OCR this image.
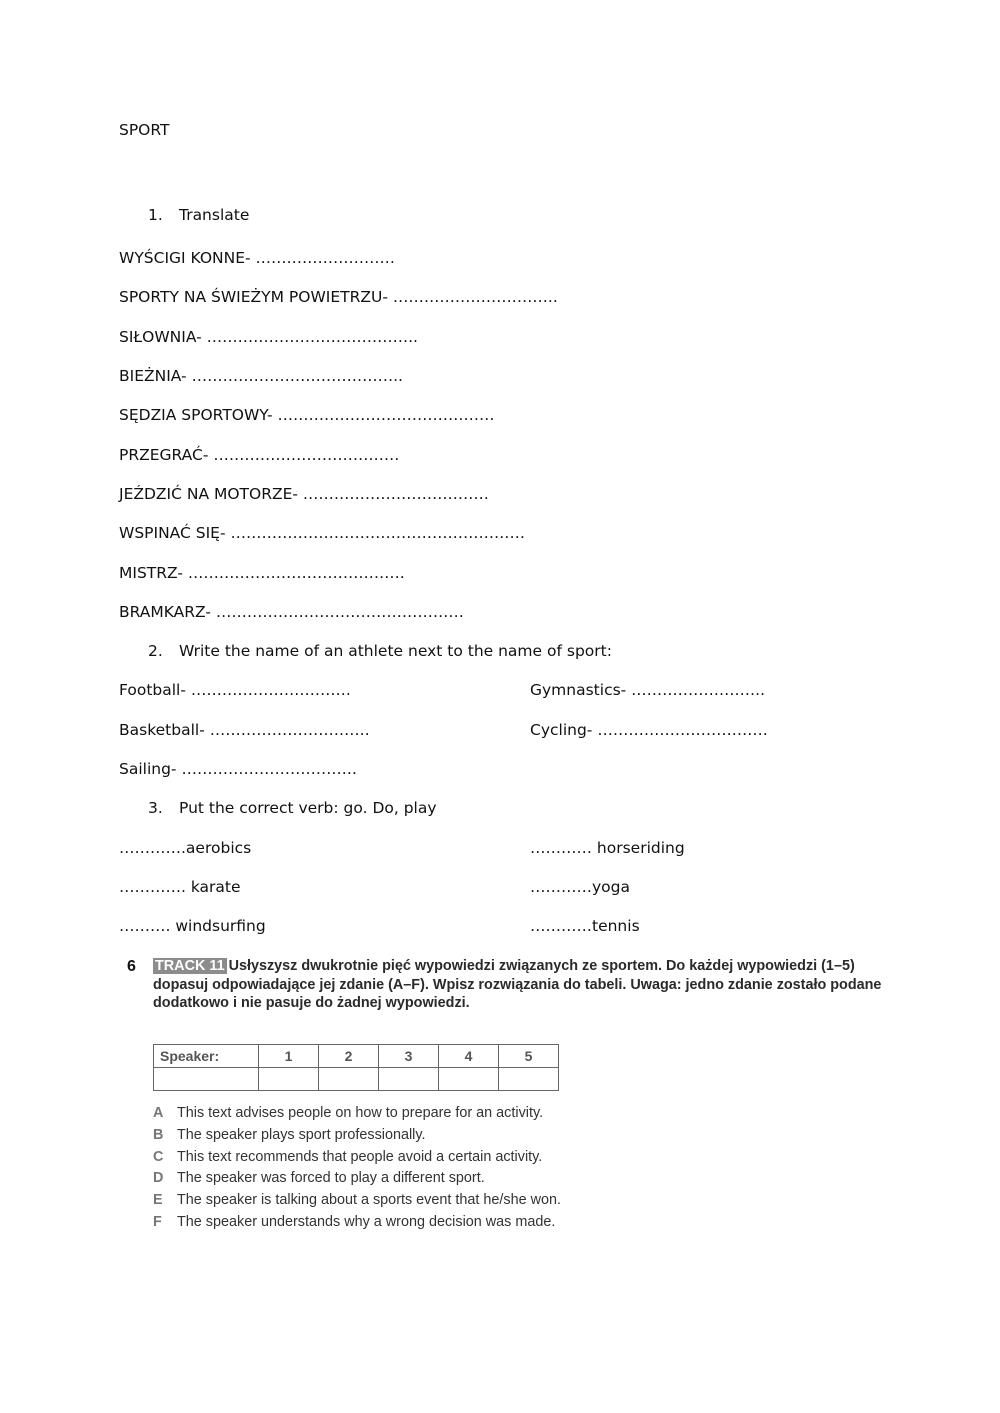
SPORT
1. Translate
WYŚCIGI KONNE- ………………………
SPORTY NA ŚWIEŻYM POWIETRZU- …………………………..
SIŁOWNIA- …………………………………..
BIEŻNIA- …………………………………..
SĘDZIA SPORTOWY- ……………………………………
PRZEGRAĆ- ………………………………
JEŹDZIĆ NA MOTORZE- ………………………………
WSPINAĆ SIĘ- …………………………………………………
MISTRZ- ……………………………………
BRAMKARZ- …………………………………………
2. Write the name of an athlete next to the name of sport:
Football- ………………………….	Gymnastics- ……………………..
Basketball- ………………………….	Cycling- ……………………………
Sailing- …………………………….
3. Put the correct verb: go. Do, play
………….aerobics	………… horseriding
…………. karate	…………yoga
………. windsurfing	…………tennis
6 TRACK 11 Usłyszysz dwukrotnie pięć wypowiedzi związanych ze sportem. Do każdej wypowiedzi (1–5) dopasuj odpowiadające jej zdanie (A–F). Wpisz rozwiązania do tabeli. Uwaga: jedno zdanie zostało podane dodatkowo i nie pasuje do żadnej wypowiedzi.
Speaker:	1	2	3	4	5

A This text advises people on how to prepare for an activity.
B The speaker plays sport professionally.
C This text recommends that people avoid a certain activity.
D The speaker was forced to play a different sport.
E The speaker is talking about a sports event that he/she won.
F The speaker understands why a wrong decision was made.
